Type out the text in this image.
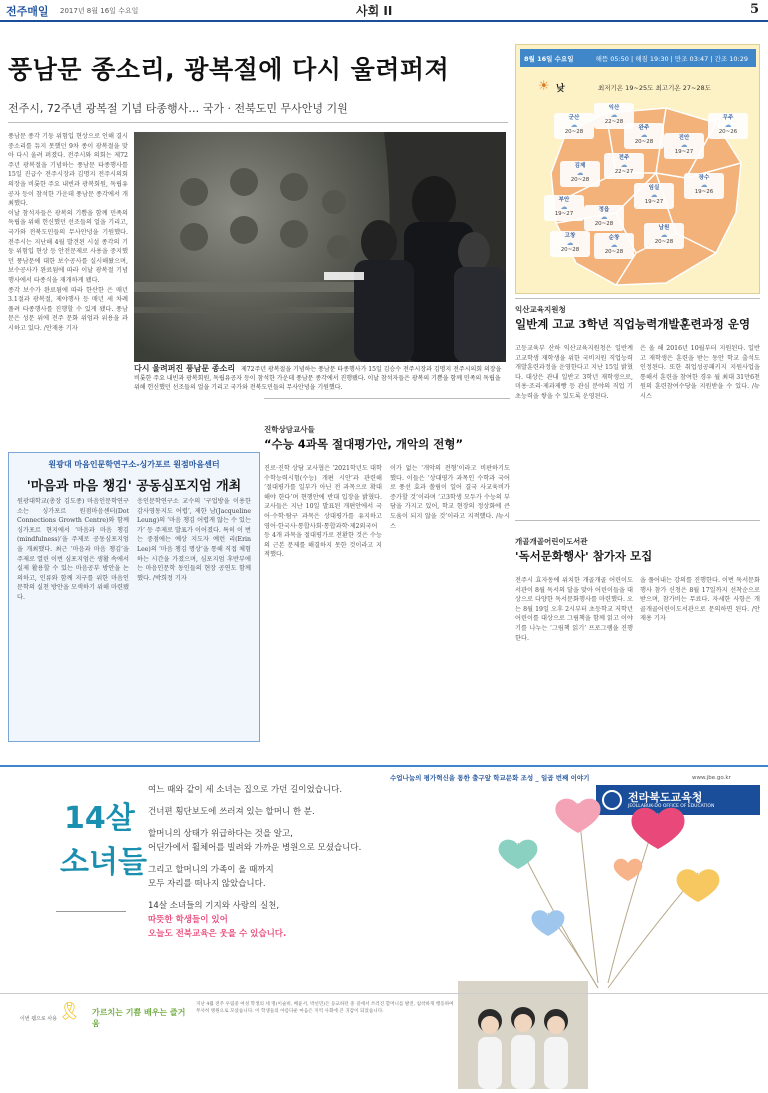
전주매일 2017년 8월 16일 수요일	사회 II	5
풍남문 종소리, 광복절에 다시 울려퍼져
전주시, 72주년 광복절 기념 타종행사… 국가 · 전북도민 무사안녕 기원

풍남문 종각 기둥 위험입 현상으로 인해 결시 중소리를 듀지 못했던 9차 종이 광복절을 맞아 다시 울려 퍼졌다. 전주시와 의회는 제72주년 광복절을 기념하는 풍남문 타종행사를 15일 진급수 전주시장과 김명지 전주시의회 의장을 비롯한 주요 내빈과 광복회원, 독립유공자 등이 참석한 가운데 풍남문 종각에서 개최했다.

이날 참석자들은 광복의 기쁨을 함께 민족의 독립을 위해 헌신했던 선조들의 얼을 기리고, 국가와 전북도민들의 무사안녕을 기원했다. 전주시는 지난해 4월 발견된 시설 종각의 기둥 위험입 현상 등 안전문제로 사용을 중지했던 풍남문에 대한 보수공사를 실시해왔으며, 보수공사가 완료됨에 따라 이날 광복절 기념행사에서 타종식을 재개하게 됐다.

종각 보수가 완료됨에 따라 한산한 은 매년 3.1절과 광복절, 제야행사 등 매년 세 차례 풀려 타종행사를 진행할 수 있게 됐다. 풍남문은 성문 위에 전주 문화 위엄과 위용을 과시하고 있다. /안재용 기자

다시 울려퍼진 풍남문 종소리 제72주년 광복절을 기념하는 풍남문 타종행사가 15일 김승수 전주시장과 김명지 전주시의회 의장을 비롯한 주요 내빈과 광복회원, 독립유공자 등이 참석한 가운데 풍남문 종각에서 진행됐다. 이날 참석자들은 광복의 기쁨을 함께 민족의 독립을 위해 헌신했던 선조들의 얼을 기리고 국가와 전북도민들의 무사안녕을 기원했다.
8월 16일 수요일	해뜸 05:50 | 해짐 19:30 | 만조 03:47 | 간조 10:29
☀ 낮	최저기온 19~25도 최고기온 27~28도
군산
☁
20~28
익산
☁
22~28
완주
☁
20~28
전주
☁
22~27
진안
☁
19~27
무주
☁
20~26
김제
☁
20~28
부안
☁
19~27
정읍
☁
20~28
임실
☁
19~27
장수
☁
19~26
순창
☁
20~28
남원
☁
20~28
고창
☁
20~28
원광대 마음인문학연구소-싱가포르 원점마음센터
'마음과 마음 챙김' 공동심포지엄 개최
원광대학교(총장 김도종) 마음인문학연구소는 싱가포르 원점마음센터(Dot Connections Growth Centre)와 함께 싱가포르 현지에서 ‘마음과 마음 챙김(mindfulness)’을 주제로 공동심포지엄을 개최했다. 최근 ‘마음과 마음 챙김’을 주제로 열린 이번 심포지엄은 생활 속에서 실제 활용할 수 있는 마음공부 방안을 논의하고, 인류와 함께 지구를 위한 마음인문학의 실천 방안을 모색하기 위해 마련됐다.
응인문학연구소 교수의 ‘구업방을 이용한 감사영동지도 어렵’, 제한 남(Jacqueline Leung)의 ‘마음 챙김 어렵게 않는 수 있는가’ 등 주제로 발표가 이어졌다. 특히 이 번는 중점에는 예상 지도자 예런 리(Erin Lee)의 ‘마음 챙김 명상’을 통해 직접 체험하는 시간을 가졌으며, 심포지엄 후반부에는 마음인문학 동인들의 현장 공연도 함께 했다. /박희정 기자
진학상담교사들
“수능 4과목 절대평가안, 개악의 전형”
진로·진학 상담 교사협은 ‘2021학년도 대학수학능력시험(수능) 개편 시안’과 관련해 ‘절대평가를 일부가 아닌 전 과목으로 확대해야 한다’며 현행안에 반대 입장을 밝혔다. 교사들은 지난 10일 발표된 개편안에서 국어·수학·탐구 과목은 상대평가를 유지하고 영어·한국사·통합사회·통합과학·제2외국어 등 4개 과목을 절대평가로 전환한 것은 수능의 근본 문제를 해결하지 못한 것이라고 지적했다.
이가 없는 ‘개악의 전형’이라고 비판하기도 했다. 이들은 ‘상대평가 과목인 수학과 국어로 풍선 효과 쏠림이 일어 결국 사교육비가 증가할 것’이라며 ‘고3학생 모두가 수능의 부담을 가지고 있어, 학교 현장의 정상화에 큰 도움이 되지 않을 것’이라고 지적했다. /뉴시스
익산교육지원청
일반계 고교 3학년 직업능력개발훈련과정 운영
고등교육부 산하 익산교육지원청은 일반계 고교학생 재학생을 위한 국비지원 직업능력개발훈련과정을 운영한다고 지난 15일 밝혔다. 대상은 관내 일반고 3학년 재학생으로, 미용·조리·제과제빵 등 관심 분야의 직업 기초능력을 쌓을 수 있도록 운영된다.
은 올 해 2016년 10월부터 지원된다. 일반고 재학생은 훈련을 받는 동안 학교 출석도 인정된다. 또한 취업성공패키지 지원사업을 통해서 훈련을 참여한 경우 월 최대 31만6천원의 훈련참여수당을 지원받을 수 있다. /뉴시스
개골개골어린이도서관
'독서문화행사' 참가자 모집
전주시 효자동에 위치한 개골개골 어린이도서관이 8월 독서의 달을 맞아 어린이들을 대상으로 다양한 독서문화행사를 마련했다. 오는 8월 19일 오후 2시부터 초등학교 저학년 어린이를 대상으로 그림책을 함께 읽고 이야기를 나누는 ‘그림책 읽기’ 프로그램을 진행한다.
을 풀어내는 강의를 진행한다. 이번 독서문화행사 참가 신청은 8월 17일까지 선착순으로 받으며, 참가비는 무료다. 자세한 사항은 개골개골어린이도서관으로 문의하면 된다. /안재용 기자
수업나눔의 평가혁신을 통한 출구앞 학교문화 조성 _ 일곱 번째 이야기	www.jbe.go.kr
전라북도교육청
JEOLLABUK-DO OFFICE OF EDUCATION
14살
소녀들
여느 때와 같이 세 소녀는 집으로 가던 길이었습니다.
건너편 횡단보도에 쓰러져 있는 할머니 한 분.
할머니의 상태가 위급하다는 것을 알고,
어딘가에서 휠체어를 빌려와 가까운 병원으로 모셨습니다.
그리고 할머니의 가족이 올 때까지
모두 자리를 떠나지 않았습니다.
14살 소녀들의 기지와 사랑의 실천,
따뜻한 학생들이 있어
오늘도 전북교육은 웃을 수 있습니다.
이번 웹으로 사용 🎗 가르치는 기쁨 배우는 즐거움
지난 4월 전주 우림중 여성 학생의 세 명(이슬비, 배윤서, 박선민)은 등교하던 중 길에서 쓰러진 할머니를 발견, 침착하게 행동하여 무사히 병원으로 모셨습니다. 이 학생들의 아름다운 마음은 지역 사회에 큰 귀감이 되었습니다.
